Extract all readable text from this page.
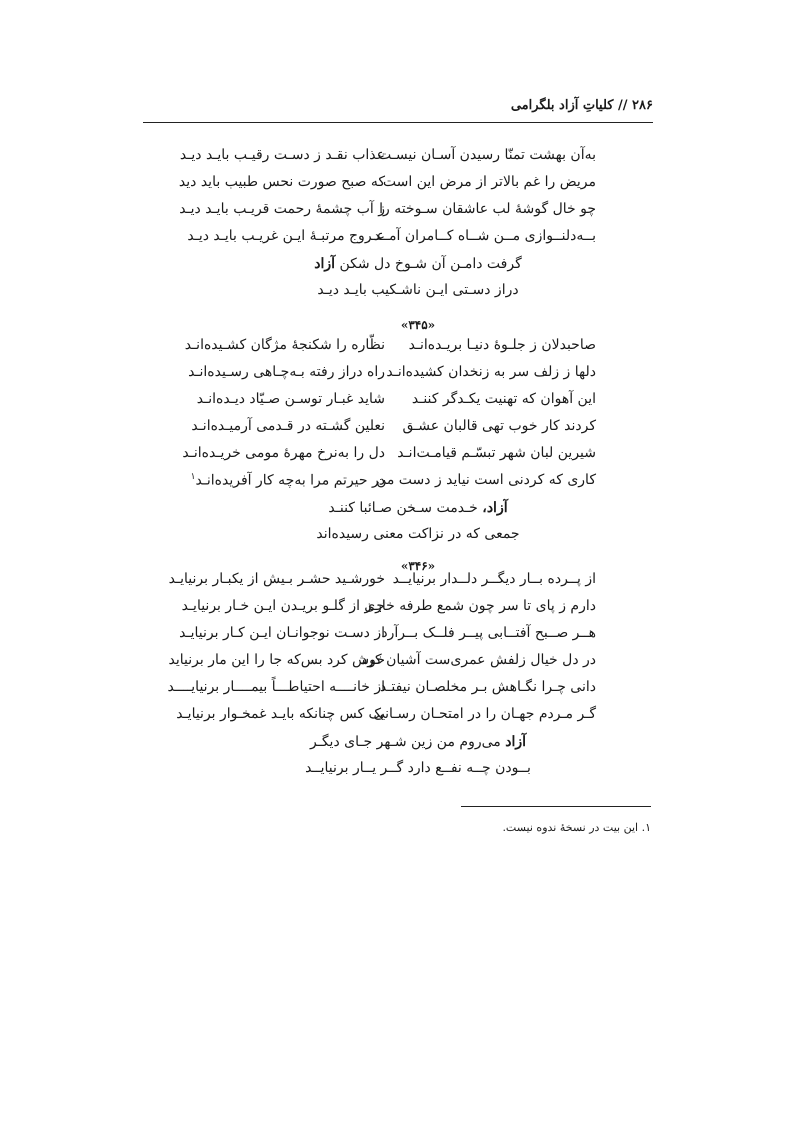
۲۸۶ // کلیاتِ آزاد بلگرامی
به‌آن بهشت تمنّا رسیدن آسـان نیسـت
عذاب نقـد ز دسـت رقیـب بایـد دیـد
مریض را غم بالاتر از مرض این است
که صبح صورت نحس طبیب باید دید
چو خال گوشهٔ لب عاشقان سـوخته را
ز آب چشمهٔ رحمت قریـب بایـد دیـد
بــه‌دلنــوازی مــن شــاه کــامران آمــد
عـروج مرتبـهٔ ایـن غریـب بایـد دیـد
گرفت دامـن آن شـوخ دل شکن آزاد
دراز دسـتی ایـن ناشـکیب بایـد دیـد
«۳۴۵»
صاحبدلان ز جلـوهٔ دنیـا بریـده‌انـد
نظّاره را شکنجهٔ مژگان کشـیده‌انـد
دلها ز زلف سر به زنخدان کشیده‌انـد
راه دراز رفته بـه‌چـاهی رسـیده‌انـد
این آهوان که تهنیت یکـدگر کننـد
شاید غبـار توسـن صـیّاد دیـده‌انـد
کردند کار خوب تهی قالبان عشـق
نعلین گشـته در قـدمی آرمیـده‌انـد
شیرین لبان شهر تبسّـم قیامـت‌انـد
دل را به‌نرخ مهرهٔ مومی خریـده‌انـد
کاری که کردنی است نیاید ز دست من
در حیرتم مرا به‌چه کار آفریده‌انـد$^۱$
آزاد، خـدمت سـخن صـائبا کننـد
جمعی که در نزاکت معنی رسیده‌اند
«۳۴۶»
از پــرده بــار دیگــر دلــدار برنیایــد
خورشـید حشـر بـیش از یکبـار برنیایـد
دارم ز پای تا سر چون شمع طرفه خاری
جـز از گلـو بریـدن ایـن خـار برنیایـد
هــر صــبح آفتــابی پیــر فلــک بــرآرد
از دسـت نوجوانـان ایـن کـار برنیایـد
در دل خیال زلفش عمری‌ست آشیان کرد
خوش کرد بس‌که جا را این مار برنیاید
دانی چـرا نگـاهش بـر مخلصـان نیفتـد
از خانــــه احتیاطـــاً بیمــــار برنیایــــد
گـر مـردم جهـان را در امتحـان رسـانی
یک کس چنانکه بایـد غمخـوار برنیایـد
آزاد می‌روم من زین شـهر جـای دیگـر
بــودن چــه نفــع دارد گــر یــار برنیایــد
۱. این بیت در نسخهٔ ندوه نیست.
